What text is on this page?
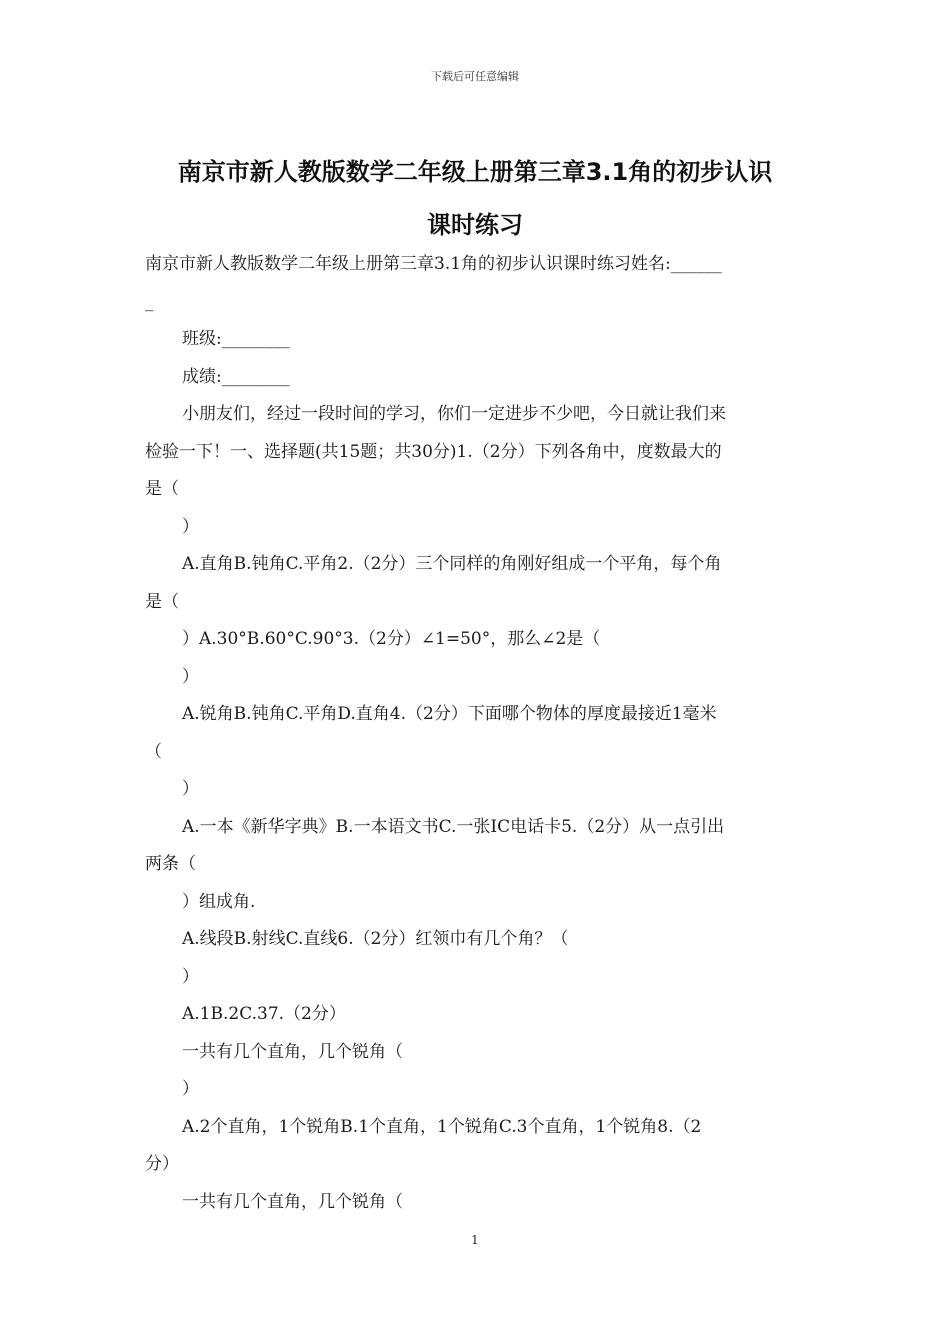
下载后可任意编辑
南京市新人教版数学二年级上册第三章3.1角的初步认识
课时练习

南京市新人教版数学二年级上册第三章3.1角的初步认识课时练习姓名:______

_

班级:________

成绩:________

小朋友们，经过一段时间的学习，你们一定进步不少吧，今日就让我们来

检验一下！一、选择题(共15题；共30分)1.（2分）下列各角中，度数最大的

是（

）

A.直角B.钝角C.平角2.（2分）三个同样的角刚好组成一个平角，每个角

是（

）A.30°B.60°C.90°3.（2分）∠1=50°，那么∠2是（

）

A.锐角B.钝角C.平角D.直角4.（2分）下面哪个物体的厚度最接近1毫米

（

）

A.一本《新华字典》B.一本语文书C.一张IC电话卡5.（2分）从一点引出

两条（

）组成角.

A.线段B.射线C.直线6.（2分）红领巾有几个角？（

）

A.1B.2C.37.（2分）

一共有几个直角，几个锐角（

）

A.2个直角，1个锐角B.1个直角，1个锐角C.3个直角，1个锐角8.（2

分）

一共有几个直角，几个锐角（

1
